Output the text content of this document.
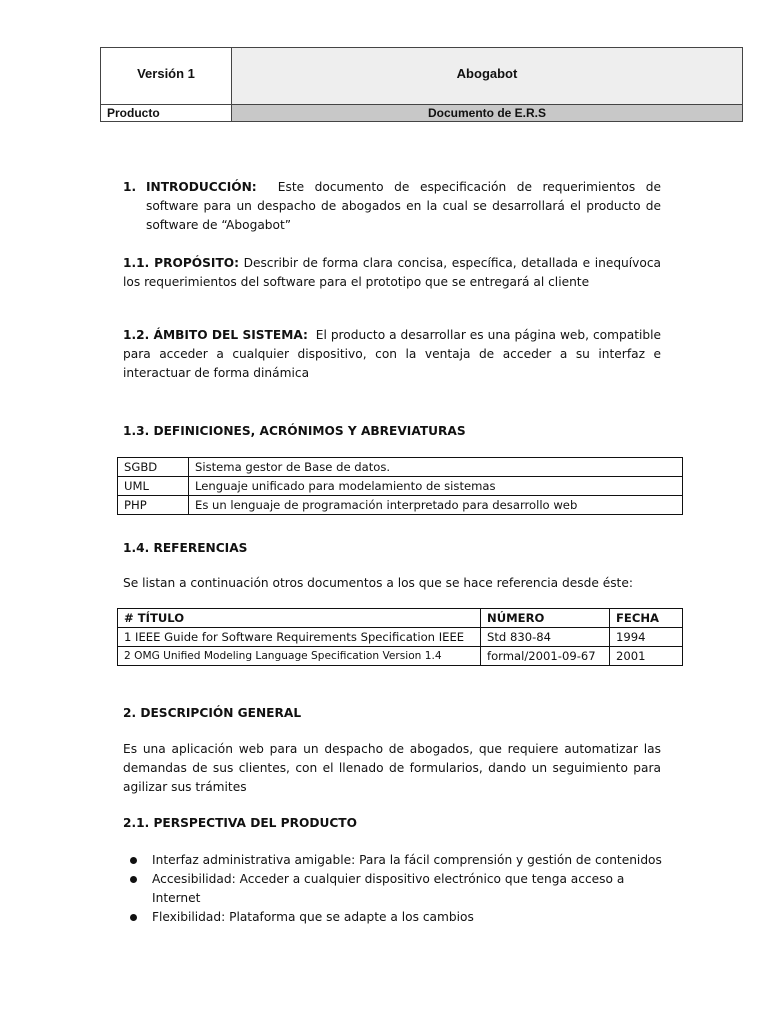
Versión 1	Abogabot
Producto	Documento de E.R.S
1. INTRODUCCIÓN: Este documento de especificación de requerimientos de software para un despacho de abogados en la cual se desarrollará el producto de software de “Abogabot”

1.1. PROPÓSITO: Describir de forma clara concisa, específica, detallada e inequívoca los requerimientos del software para el prototipo que se entregará al cliente

1.2. ÁMBITO DEL SISTEMA: El producto a desarrollar es una página web, compatible para acceder a cualquier dispositivo, con la ventaja de acceder a su interfaz e interactuar de forma dinámica

1.3. DEFINICIONES, ACRÓNIMOS Y ABREVIATURAS

SGBD	Sistema gestor de Base de datos.
UML	Lenguaje unificado para modelamiento de sistemas
PHP	Es un lenguaje de programación interpretado para desarrollo web

1.4. REFERENCIAS

Se listan a continuación otros documentos a los que se hace referencia desde éste:

# TÍTULO	NÚMERO	FECHA
1 IEEE Guide for Software Requirements Specification IEEE	Std 830-84	1994
2 OMG Unified Modeling Language Specification Version 1.4	formal/2001-09-67	2001

2. DESCRIPCIÓN GENERAL

Es una aplicación web para un despacho de abogados, que requiere automatizar las demandas de sus clientes, con el llenado de formularios, dando un seguimiento para agilizar sus trámites

2.1. PERSPECTIVA DEL PRODUCTO

Interfaz administrativa amigable: Para la fácil comprensión y gestión de contenidos
Accesibilidad: Acceder a cualquier dispositivo electrónico que tenga acceso a Internet
Flexibilidad: Plataforma que se adapte a los cambios
